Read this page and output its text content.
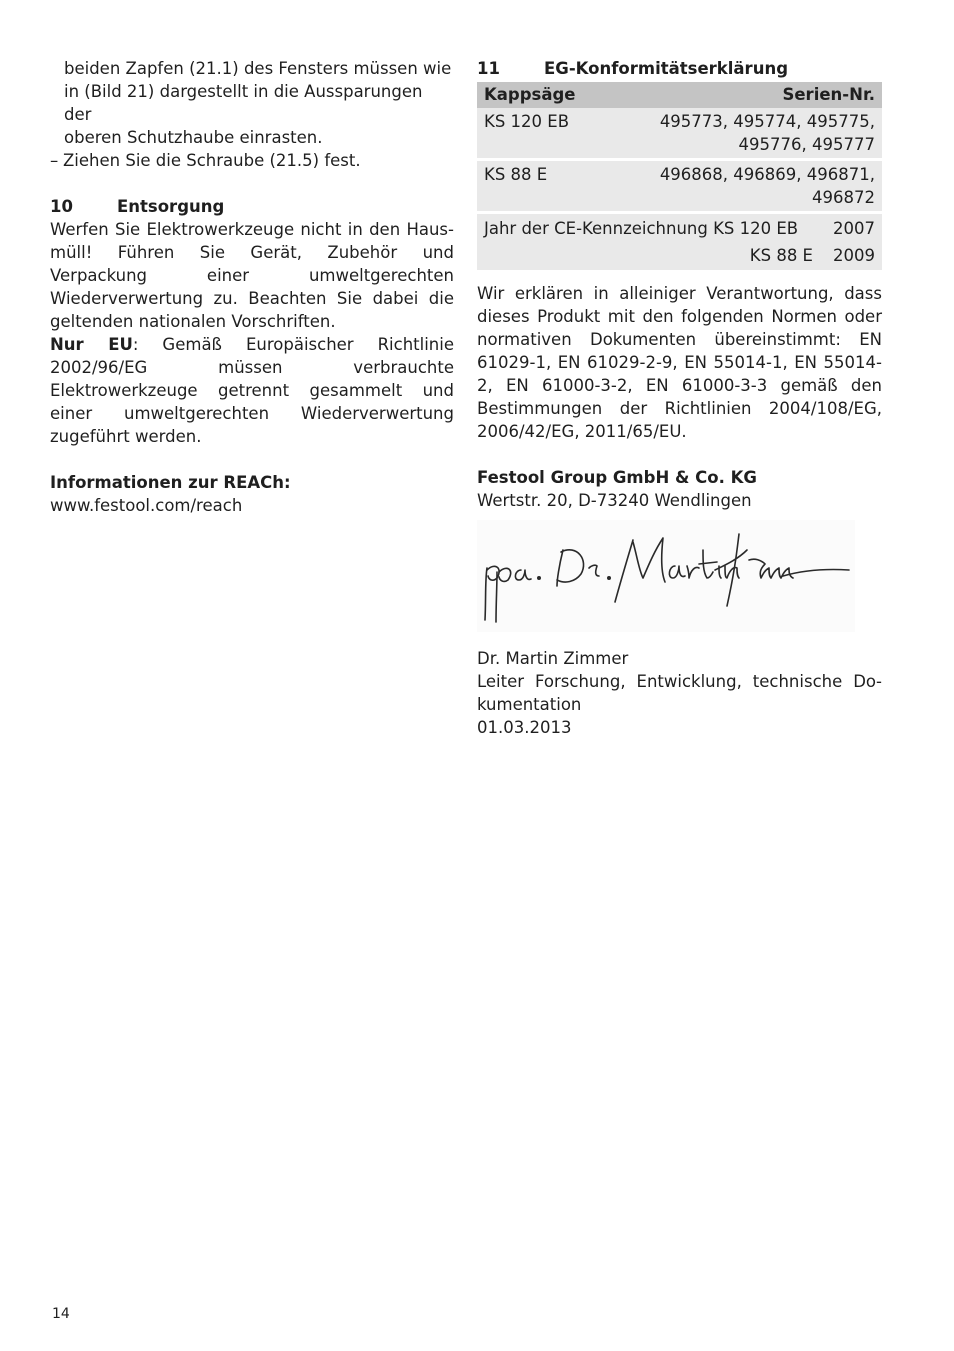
beiden Zapfen (21.1) des Fensters müssen wie

in (Bild 21) dargestellt in die Aussparungen der

oberen Schutzhaube einrasten.

– Ziehen Sie die Schraube (21.5) fest.
10	Entsorgung

Werfen Sie Elektrowerkzeuge nicht in den Hausmüll! Führen Sie Gerät, Zubehör und Verpackung einer umweltgerechten Wiederverwertung zu. Beachten Sie dabei die geltenden nationalen Vorschriften.

Nur EU: Gemäß Europäischer Richtlinie 2002/96/EG müssen verbrauchte Elektrowerkzeuge getrennt gesammelt und einer umweltgerechten Wiederverwertung zugeführt werden.

Informationen zur REACh:

www.festool.com/reach

11	EG-Konformitätserklärung
Kappsäge	Serien-Nr.
KS 120 EB	495773, 495774, 495775,
495776, 495777

KS 88 E	496868, 496869, 496871,
496872

Jahr der CE-Kennzeichnung KS 120 EB 2007
KS 88 E 2009	

Wir erklären in alleiniger Verantwortung, dass dieses Produkt mit den folgenden Normen oder normativen Dokumenten übereinstimmt: EN 61029-1, EN 61029-2-9, EN 55014-1, EN 55014-2, EN 61000-3-2, EN 61000-3-3 gemäß den Bestimmungen der Richtlinien 2004/108/EG, 2006/42/EG, 2011/65/EU.

Festool Group GmbH & Co. KG

Wertstr. 20, D-73240 Wendlingen

Dr. Martin Zimmer

Leiter Forschung, Entwicklung, technische Dokumentation

01.03.2013

14
